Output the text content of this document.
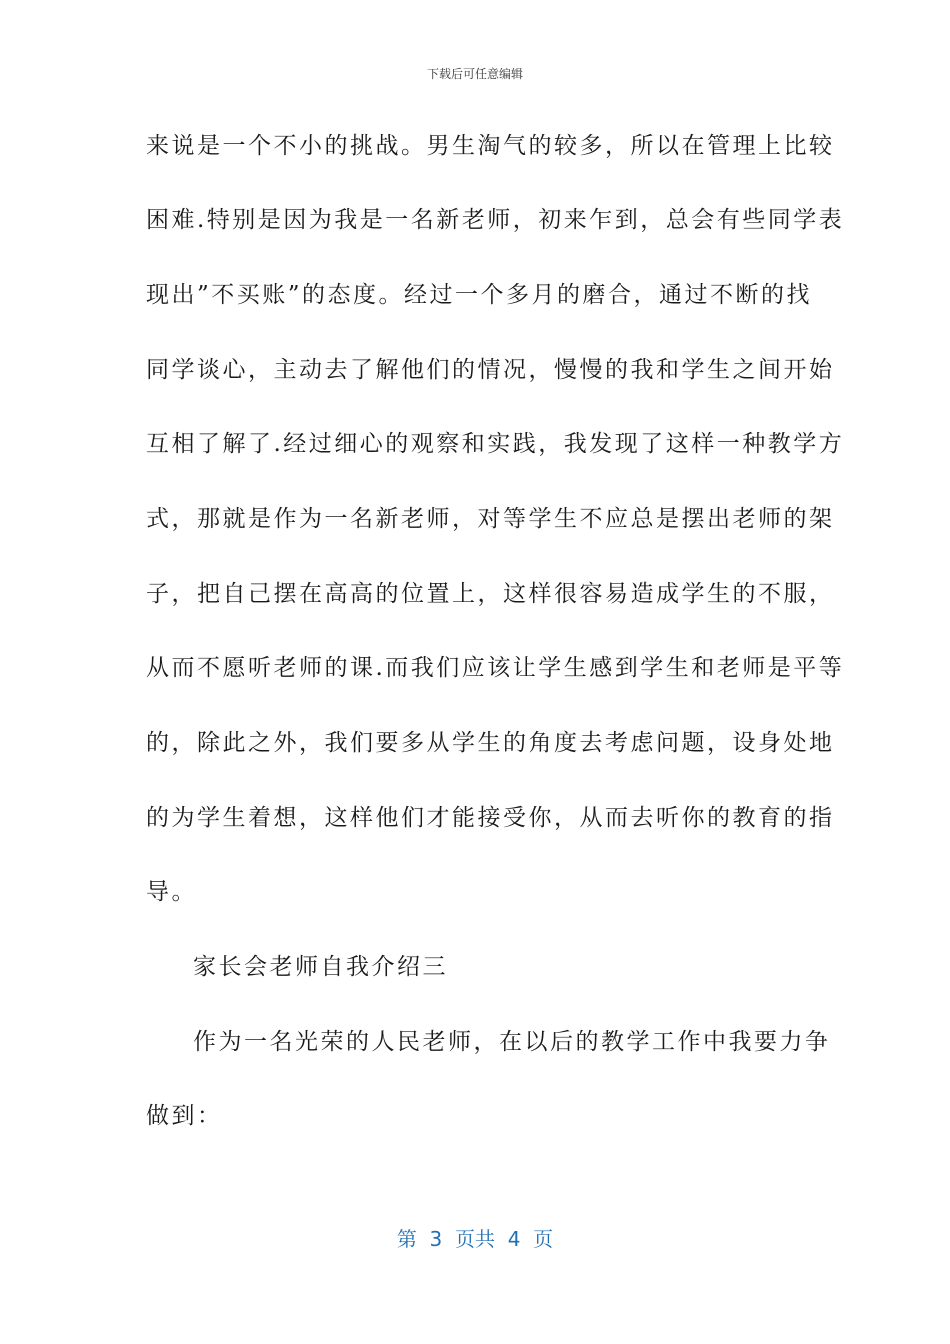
下载后可任意编辑
来说是一个不小的挑战。男生淘气的较多，所以在管理上比较
困难.特别是因为我是一名新老师，初来乍到，总会有些同学表
现出”不买账”的态度。经过一个多月的磨合，通过不断的找
同学谈心，主动去了解他们的情况，慢慢的我和学生之间开始
互相了解了.经过细心的观察和实践，我发现了这样一种教学方
式，那就是作为一名新老师，对等学生不应总是摆出老师的架
子，把自己摆在高高的位置上，这样很容易造成学生的不服，
从而不愿听老师的课.而我们应该让学生感到学生和老师是平等
的，除此之外，我们要多从学生的角度去考虑问题，设身处地
的为学生着想，这样他们才能接受你，从而去听你的教育的指
导。
家长会老师自我介绍三
作为一名光荣的人民老师，在以后的教学工作中我要力争
做到：
第  3  页共  4  页
